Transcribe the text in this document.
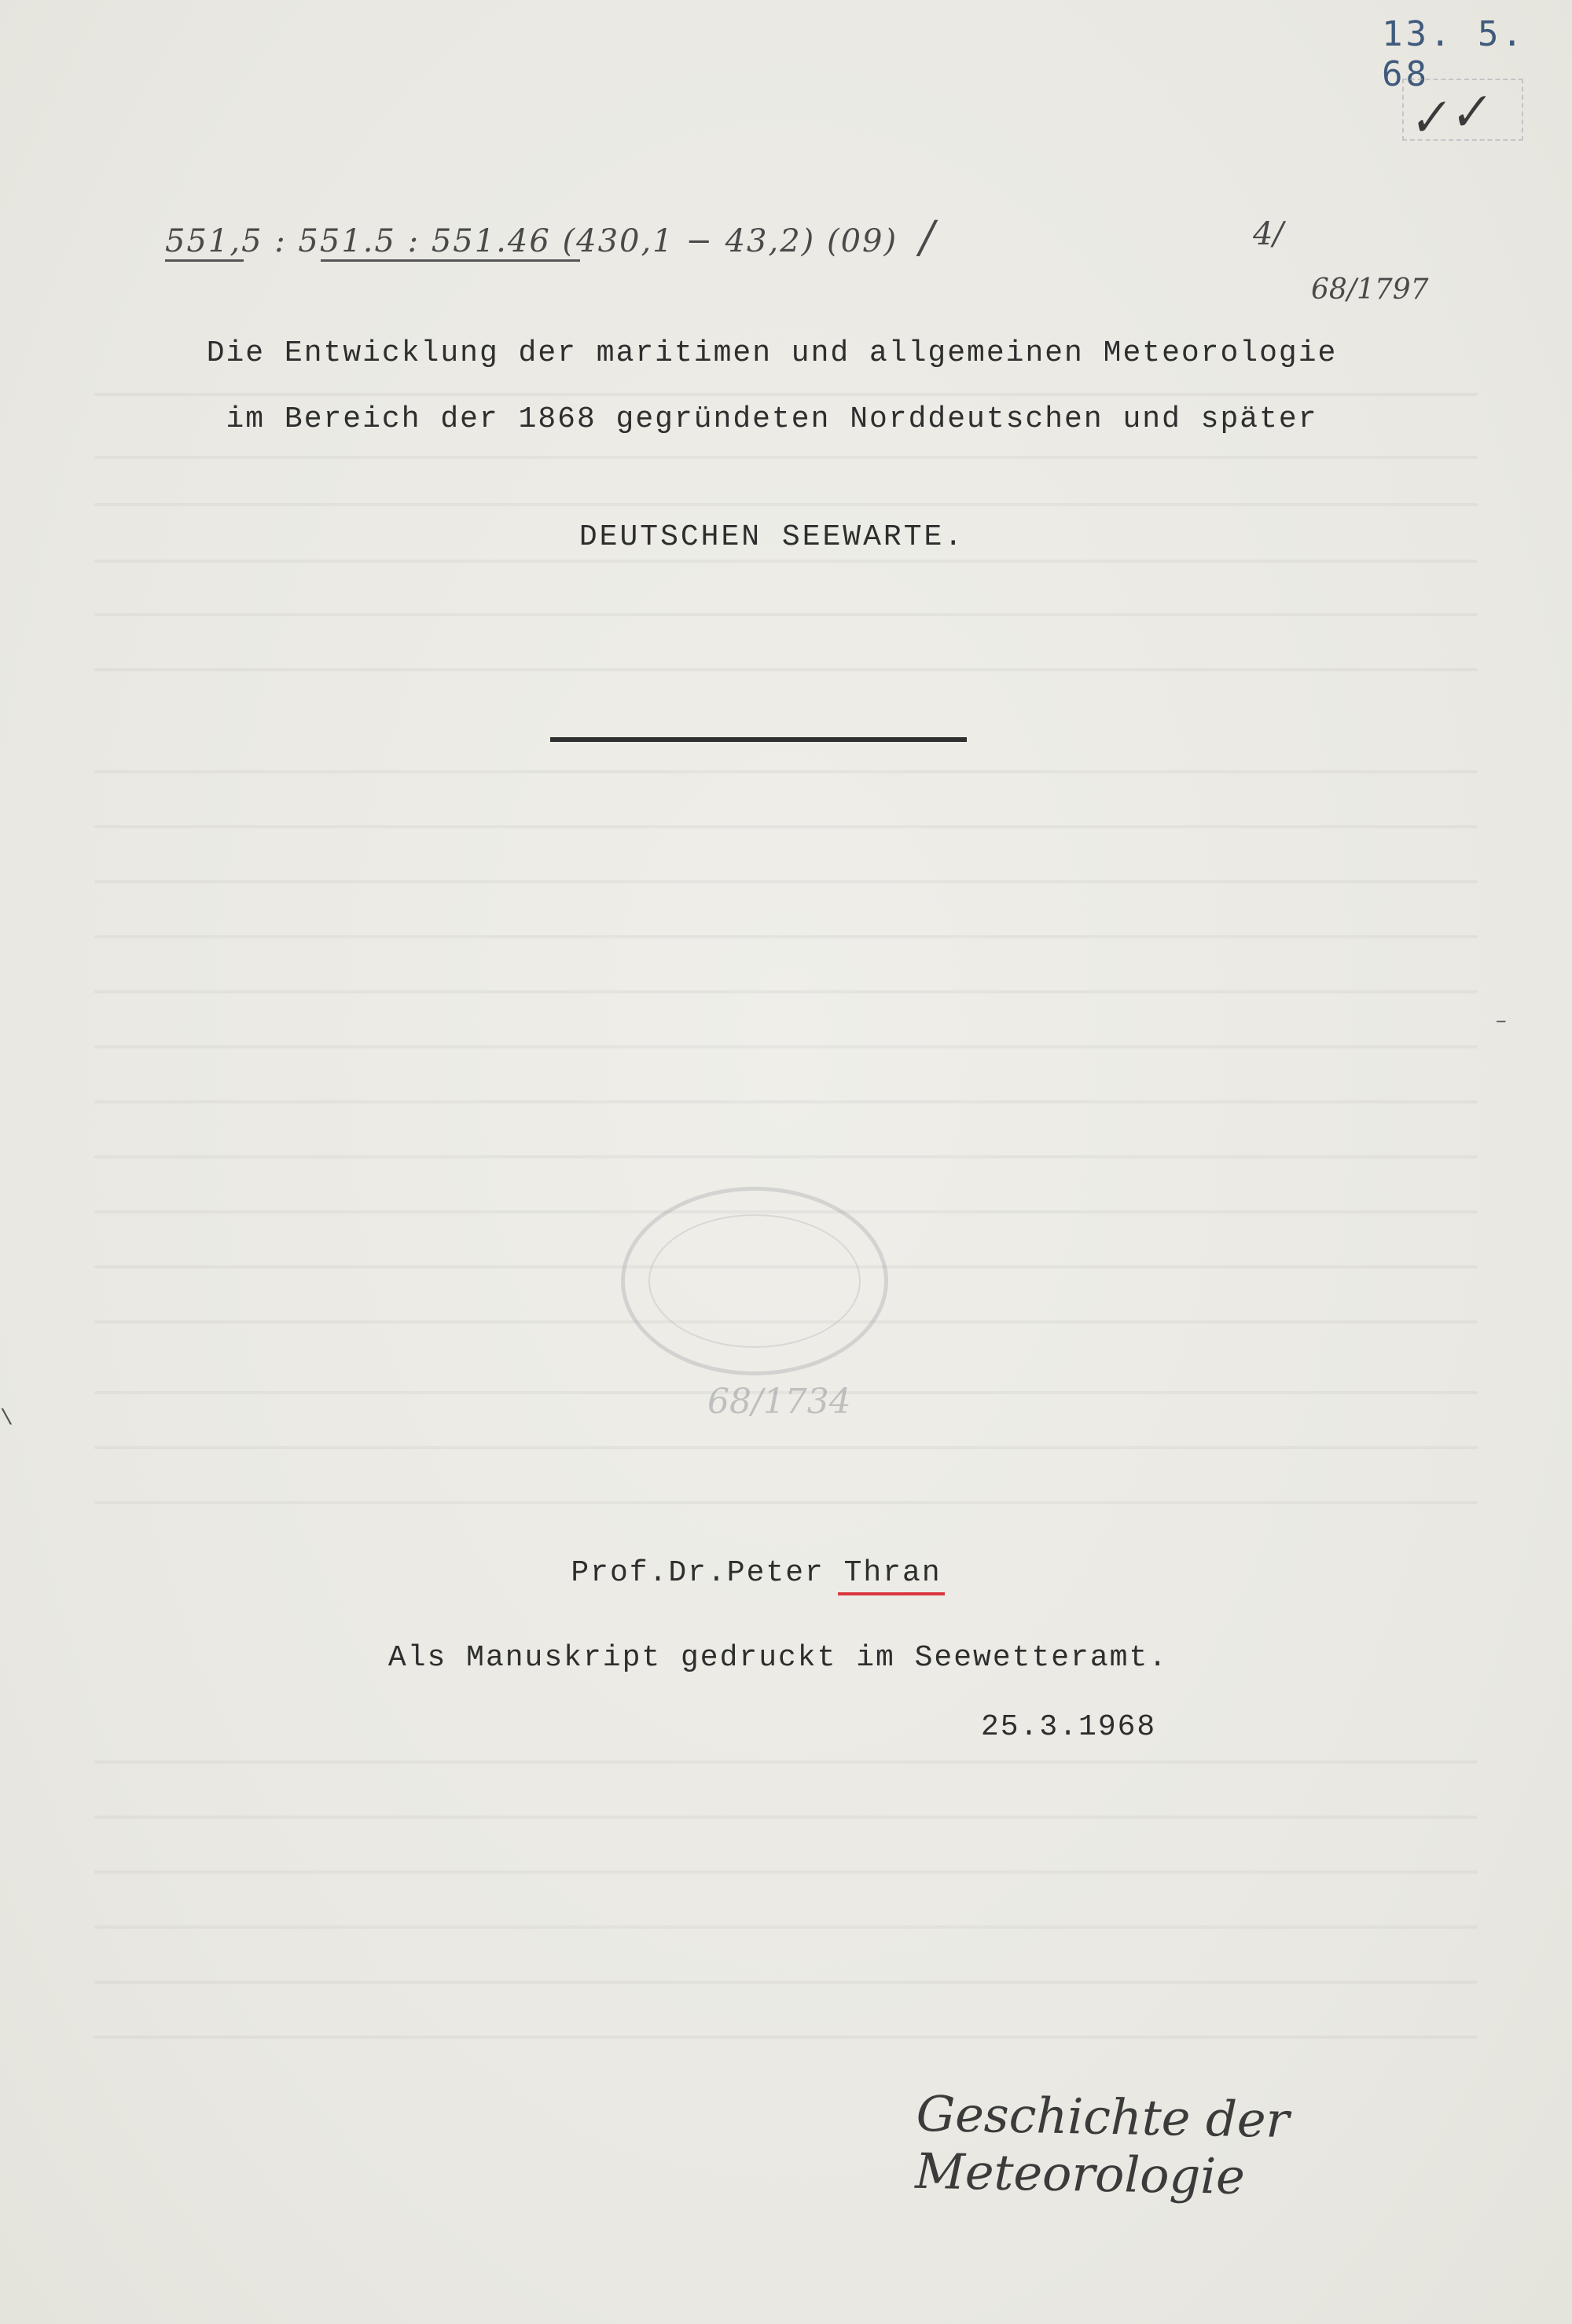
13. 5. 68
✓✓
551,5 : 551.5 : 551.46 (430,1 − 43,2) (09) /	4/
68/1797
Die Entwicklung der maritimen und allgemeinen Meteorologie
im Bereich der 1868 gegründeten Norddeutschen und später
DEUTSCHEN SEEWARTE.
68/1734
Prof.Dr.Peter Thran
Als Manuskript gedruckt im Seewetteramt.
25.3.1968
Geschichte der Meteorologie
\
–
